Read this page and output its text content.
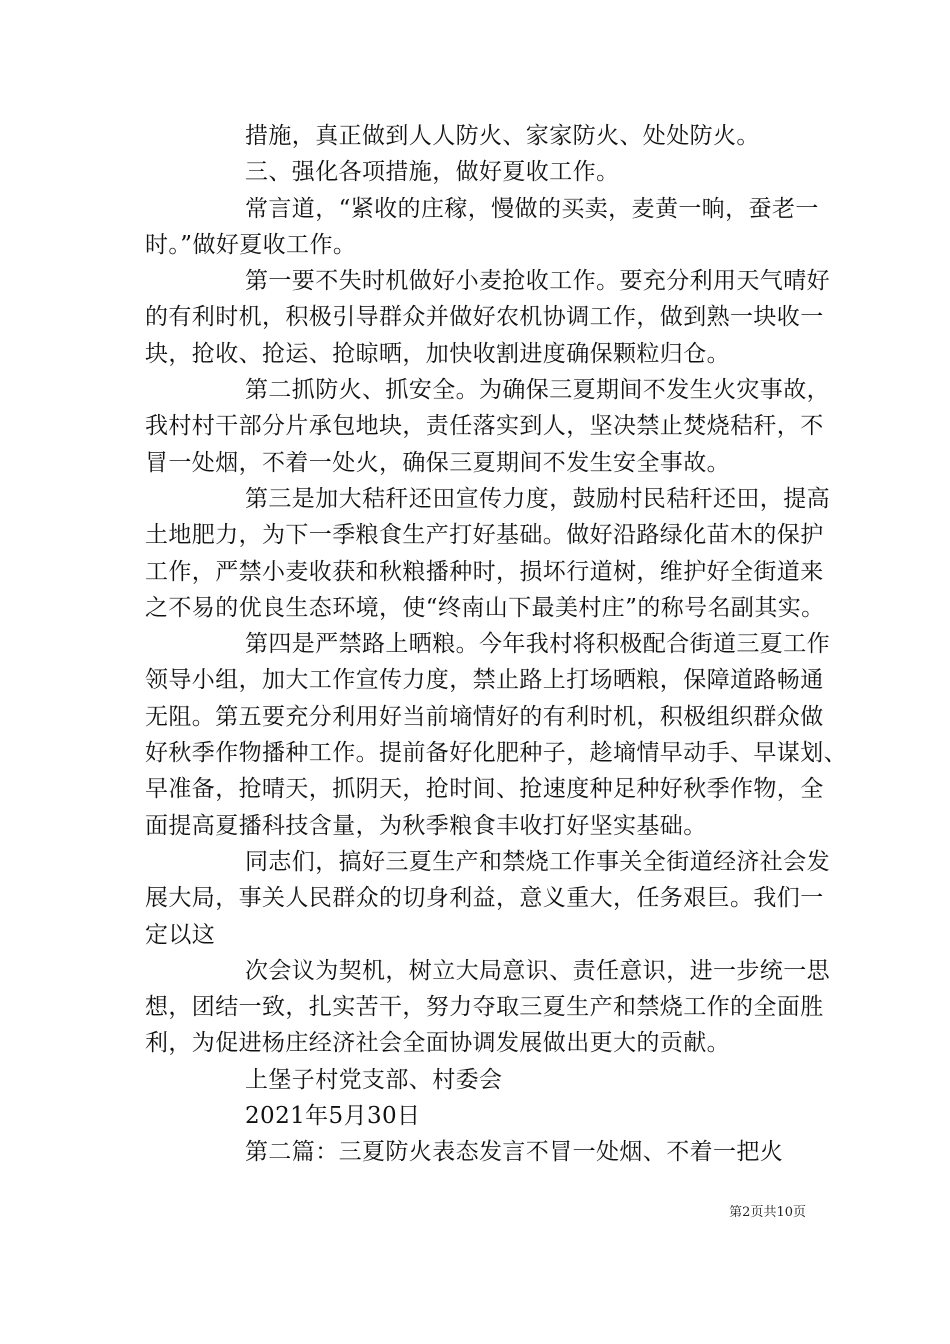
措施，真正做到人人防火、家家防火、处处防火。
三、强化各项措施，做好夏收工作。
常言道，“紧收的庄稼，慢做的买卖，麦黄一晌，蚕老一
时。”做好夏收工作。
第一要不失时机做好小麦抢收工作。要充分利用天气晴好
的有利时机，积极引导群众并做好农机协调工作，做到熟一块收一
块，抢收、抢运、抢晾晒，加快收割进度确保颗粒归仓。
第二抓防火、抓安全。为确保三夏期间不发生火灾事故，
我村村干部分片承包地块，责任落实到人，坚决禁止焚烧秸秆，不
冒一处烟，不着一处火，确保三夏期间不发生安全事故。
第三是加大秸秆还田宣传力度，鼓励村民秸秆还田，提高
土地肥力，为下一季粮食生产打好基础。做好沿路绿化苗木的保护
工作，严禁小麦收获和秋粮播种时，损坏行道树，维护好全街道来
之不易的优良生态环境，使“终南山下最美村庄”的称号名副其实。
第四是严禁路上晒粮。今年我村将积极配合街道三夏工作
领导小组，加大工作宣传力度，禁止路上打场晒粮，保障道路畅通
无阻。第五要充分利用好当前墒情好的有利时机，积极组织群众做
好秋季作物播种工作。提前备好化肥种子，趁墒情早动手、早谋划、
早准备，抢晴天，抓阴天，抢时间、抢速度种足种好秋季作物，全
面提高夏播科技含量，为秋季粮食丰收打好坚实基础。
同志们，搞好三夏生产和禁烧工作事关全街道经济社会发
展大局，事关人民群众的切身利益，意义重大，任务艰巨。我们一
定以这
次会议为契机，树立大局意识、责任意识，进一步统一思
想，团结一致，扎实苦干，努力夺取三夏生产和禁烧工作的全面胜
利，为促进杨庄经济社会全面协调发展做出更大的贡献。
上堡子村党支部、村委会
2021年5月30日
第二篇：三夏防火表态发言不冒一处烟、不着一把火
第2页共10页
